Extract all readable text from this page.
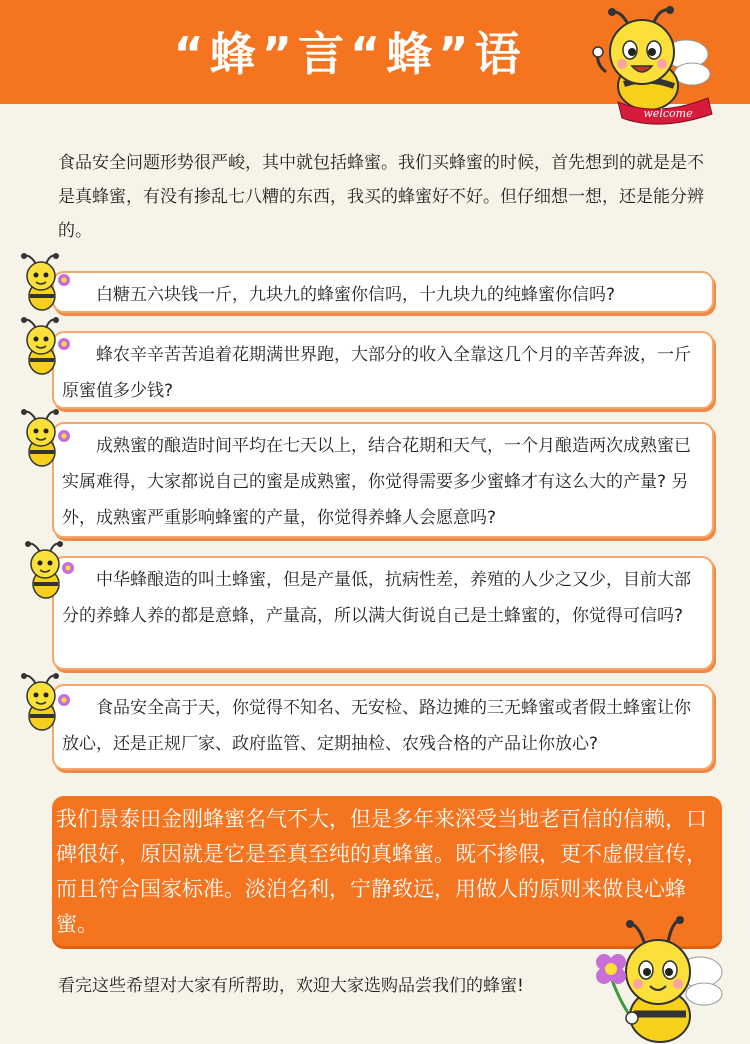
“蜂”言“蜂”语
welcome
食品安全问题形势很严峻，其中就包括蜂蜜。我们买蜂蜜的时候，首先想到的就是是不是真蜂蜜，有没有掺乱七八糟的东西，我买的蜂蜜好不好。但仔细想一想，还是能分辨的。
白糖五六块钱一斤，九块九的蜂蜜你信吗，十九块九的纯蜂蜜你信吗?
蜂农辛辛苦苦追着花期满世界跑，大部分的收入全靠这几个月的辛苦奔波，一斤原蜜值多少钱?
成熟蜜的酿造时间平均在七天以上，结合花期和天气，一个月酿造两次成熟蜜已实属难得，大家都说自己的蜜是成熟蜜，你觉得需要多少蜜蜂才有这么大的产量? 另外，成熟蜜严重影响蜂蜜的产量，你觉得养蜂人会愿意吗?
中华蜂酿造的叫土蜂蜜，但是产量低，抗病性差，养殖的人少之又少，目前大部分的养蜂人养的都是意蜂，产量高，所以满大街说自己是土蜂蜜的，你觉得可信吗?
食品安全高于天，你觉得不知名、无安检、路边摊的三无蜂蜜或者假土蜂蜜让你放心，还是正规厂家、政府监管、定期抽检、农残合格的产品让你放心?
我们景泰田金刚蜂蜜名气不大，但是多年来深受当地老百信的信赖，口碑很好，原因就是它是至真至纯的真蜂蜜。既不掺假，更不虚假宣传，而且符合国家标准。淡泊名利，宁静致远，用做人的原则来做良心蜂蜜。
看完这些希望对大家有所帮助，欢迎大家选购品尝我们的蜂蜜!
